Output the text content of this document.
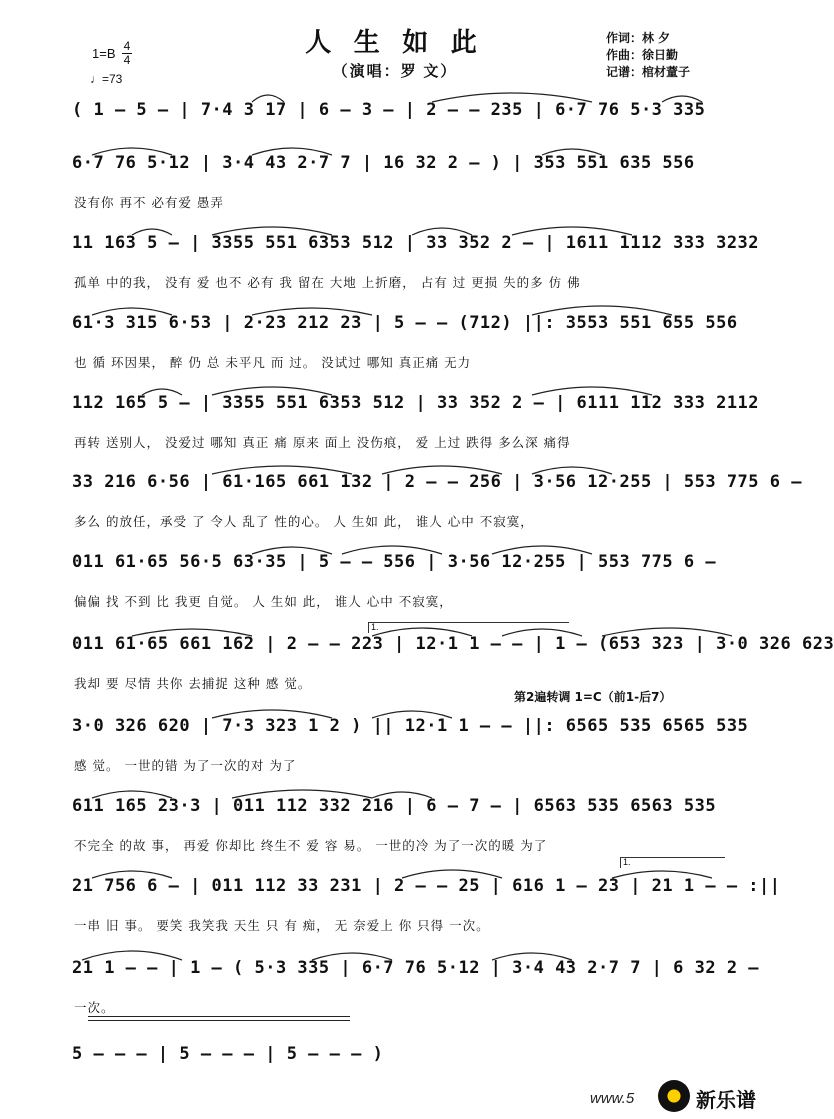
人 生 如 此
（演唱：罗 文）
作词：林 夕
作曲：徐日勤
记谱：棺材蕫子
1=B 4
4
♩=73
( 1 – 5 – | 7·4 3 17 | 6 – 3 – | 2 – – 235 | 6·7 76 5·3 335
6·7 76 5·12 | 3·4 43 2·7 7 | 16 32 2 – ) | 353 551 635 556
没有你 再不 必有爱 愚弄
11 163 5 – | 3355 551 6353 512 | 33 352 2 – | 1611 1112 333 3232
孤单 中的我， 没有 爱 也不 必有 我 留在 大地 上折磨， 占有 过 更损 失的多 仿 佛
61·3 315 6·53 | 2·23 212 23 | 5 – – (712) ||: 3553 551 655 556
也 循 环因果， 醉 仍 总 未平凡 而 过。 没试过 哪知 真正痛 无力
112 165 5 – | 3355 551 6353 512 | 33 352 2 – | 6111 112 333 2112
再转 送别人， 没爱过 哪知 真正 痛 原来 面上 没伤痕， 爱 上过 跌得 多么深 痛得
33 216 6·56 | 61·165 661 132 | 2 – – 256 | 3·56 12·255 | 553 775 6 –
多么 的放任，承受 了 令人 乱了 性的心。 人 生如 此， 谁人 心中 不寂寞，
011 61·65 56·5 63·35 | 5 – – 556 | 3·56 12·255 | 553 775 6 –
偏偏 找 不到 比 我更 自觉。 人 生如 此， 谁人 心中 不寂寞，
011 61·65 661 162 | 2 – – 223 | 12·1 1 – – | 1 – (653 323 | 3·0 326 623
我却 要 尽情 共你 去捕捉 这种 感 觉。
1.
第2遍转调 1=C（前1-后7）
3·0 326 620 | 7·3 323 1 2 ) || 12·1 1 – – ||: 6565 535 6565 535
感 觉。 一世的错 为了一次的对 为了
611 165 23·3 | 011 112 332 216 | 6 – 7 – | 6563 535 6563 535
不完全 的故 事， 再爱 你却比 终生不 爱 容 易。 一世的冷 为了一次的暖 为了
21 756 6 – | 011 112 33 231 | 2 – – 25 | 616 1 – 23 | 21 1 – – :||
一串 旧 事。 要笑 我笑我 天生 只 有 痴， 无 奈爱上 你 只得 一次。
1.
21 1 – – | 1 – ( 5·3 335 | 6·7 76 5·12 | 3·4 43 2·7 7 | 6 32 2 –
一次。
5 – – – | 5 – – – | 5 – – – )
www.5	新乐谱
